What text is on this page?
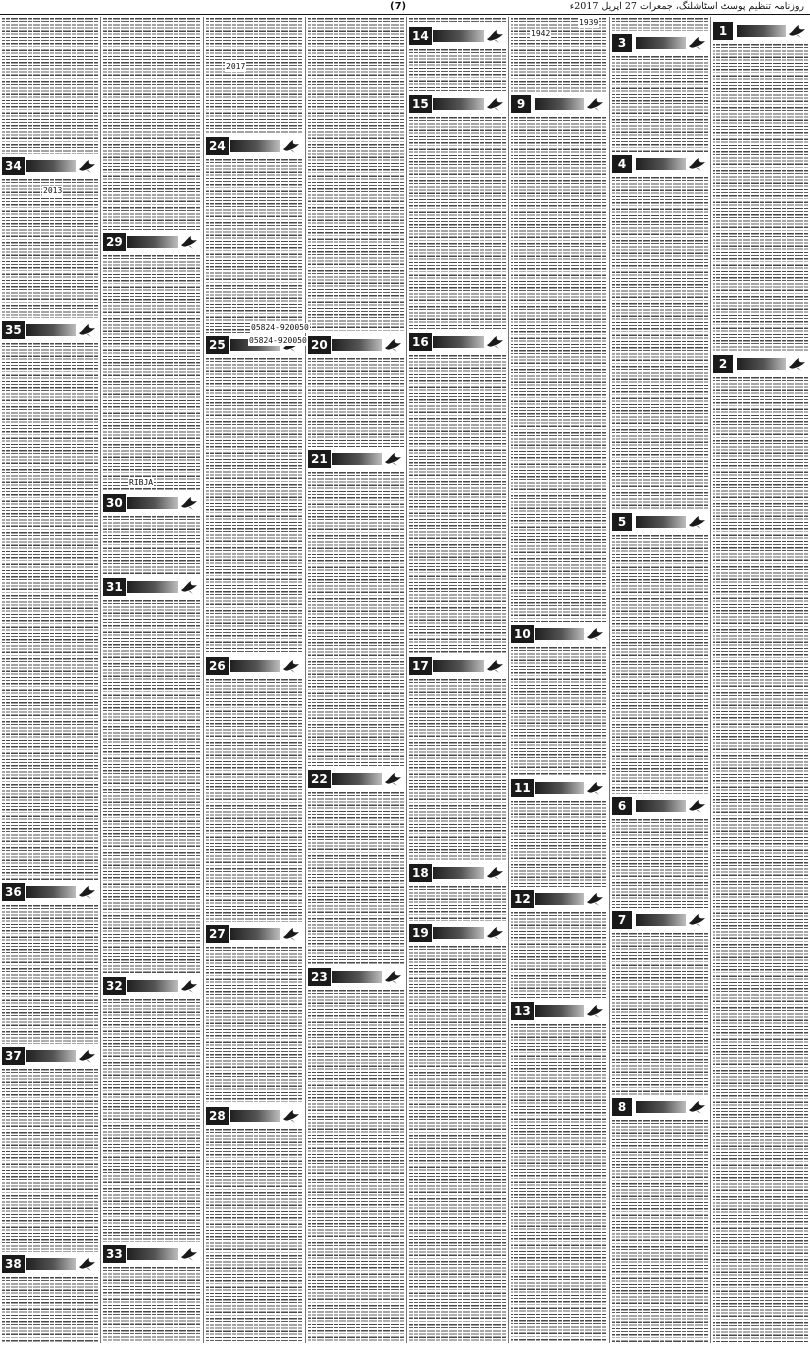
(7)	روزنامہ تنظیم پوسٹ اسٹاشلنگ، جمعرات 27 اپریل 2017ء
34
35
36
37
38
29
30
31
32
33
24
25
26
27
28
20
21
22
23
14
15
16
17
18
19
9
10
11
12
13
3
4
5
6
7
8
1
2
05824-920050
05824-920050
RIBJA
2017
2013
1939
1942
